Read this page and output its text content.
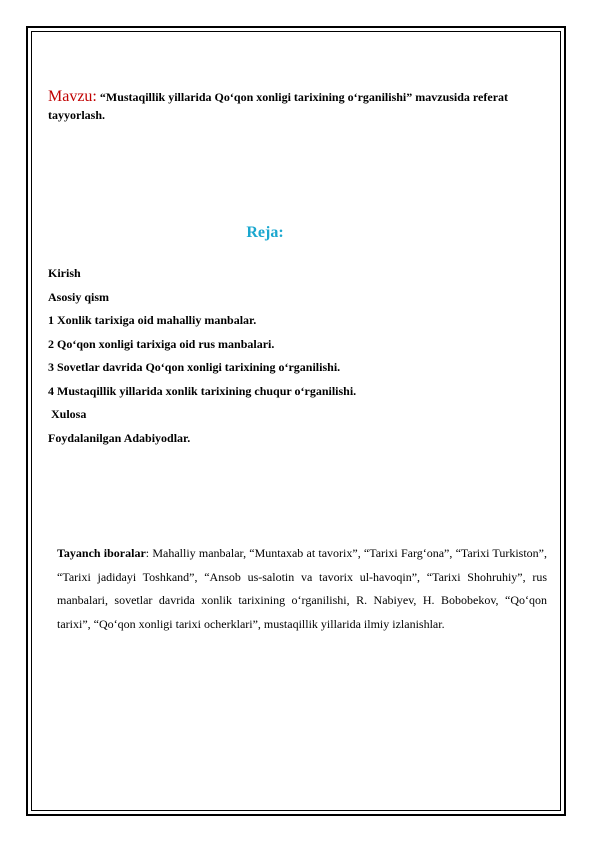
Mavzu: “Mustaqillik yillarida Qo‘qon xonligi tarixining o‘rganilishi” mavzusida referat tayyorlash.
Reja:
Kirish
Asosiy qism
1 Xonlik tarixiga oid mahalliy manbalar.
2 Qo‘qon xonligi tarixiga oid rus manbalari.
3 Sovetlar davrida Qo‘qon xonligi tarixining o‘rganilishi.
4 Mustaqillik yillarida xonlik tarixining chuqur o‘rganilishi.
Xulosa
Foydalanilgan Adabiyodlar.
Tayanch iboralar: Mahalliy manbalar, “Muntaxab at tavorix”, “Tarixi Farg‘ona”, “Tarixi Turkiston”, “Tarixi jadidayi Toshkand”, “Ansob us-salotin va tavorix ul-havoqin”, “Tarixi Shohruhiy”, rus manbalari, sovetlar davrida xonlik tarixining o‘rganilishi, R. Nabiyev, H. Bobobekov, “Qo‘qon tarixi”, “Qo‘qon xonligi tarixi ocherklari”, mustaqillik yillarida ilmiy izlanishlar.
